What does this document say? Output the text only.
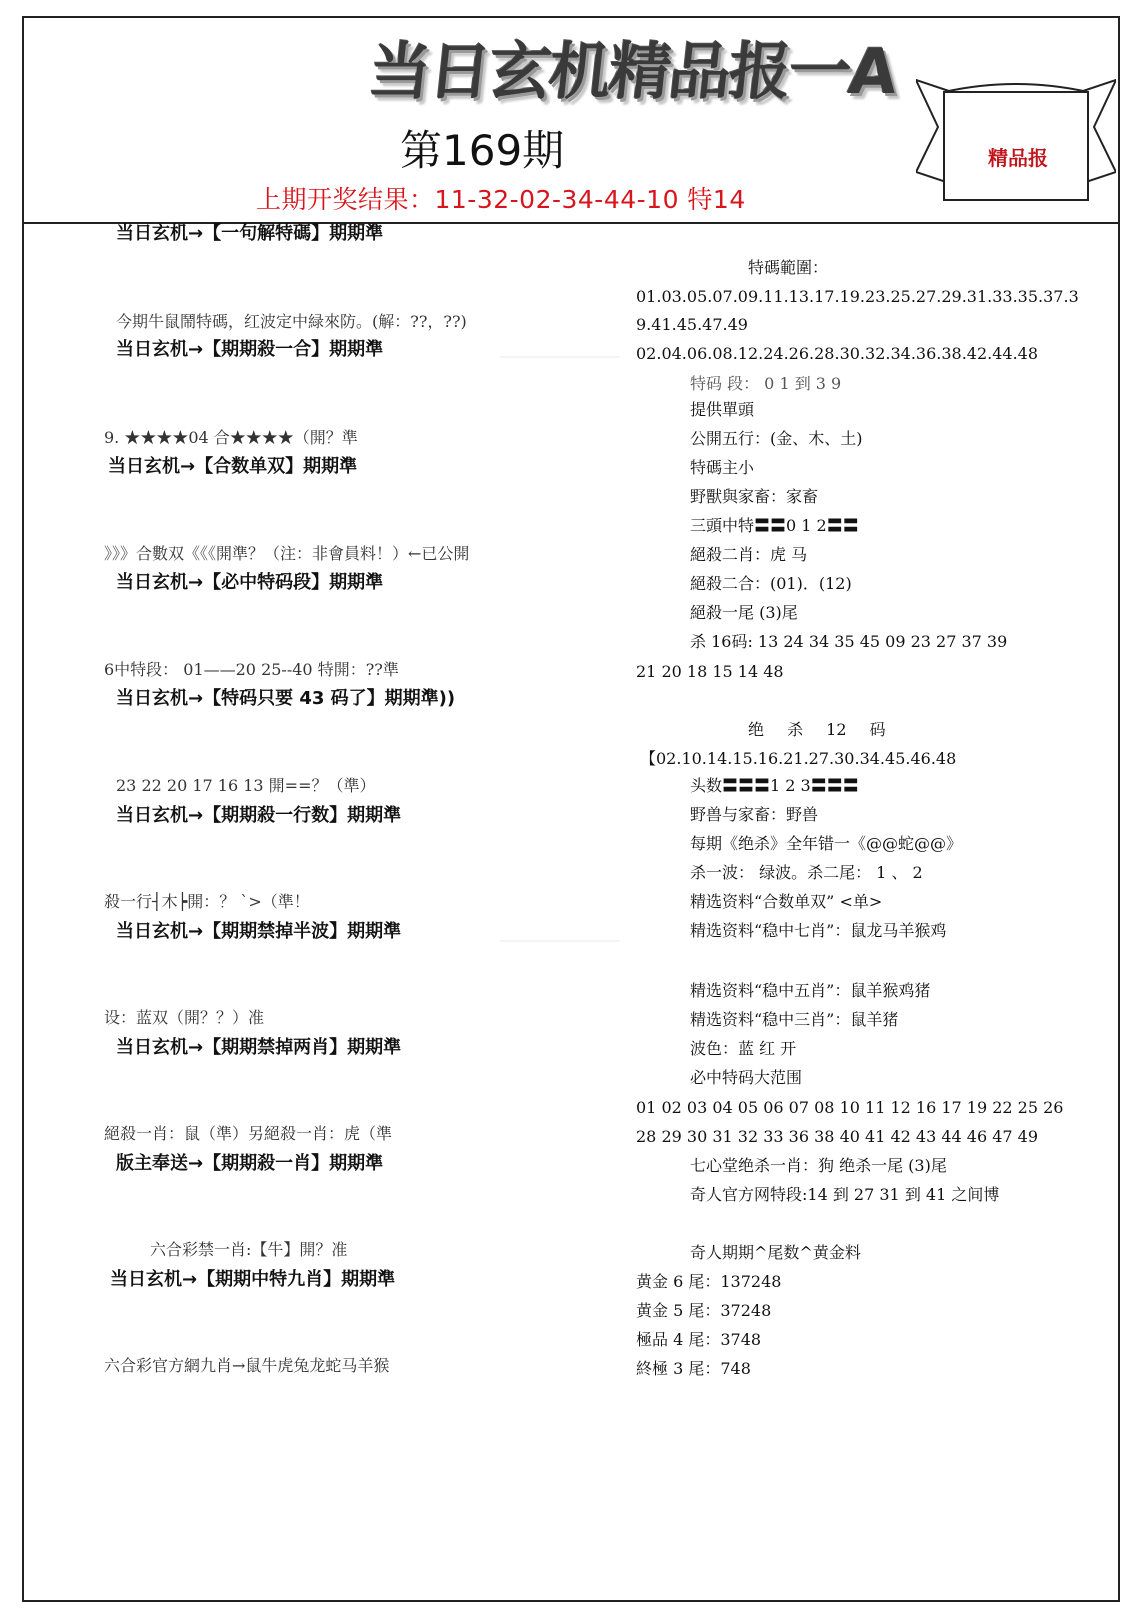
当日玄机精品报一A
第169期
上期开奖结果：11-32-02-34-44-10 特14
精品报
当日玄机→【一句解特碼】期期準
今期牛鼠鬧特碼，红波定中緑來防。(解：??，??)
当日玄机→【期期殺一合】期期準
9. ★★★★04 合★★★★（開？準
当日玄机→【合数单双】期期準
》》》合數双《《《開準？（注：非會員料！）←已公開
当日玄机→【必中特码段】期期準
6中特段： 01——20 25--40 特開：??準
当日玄机→【特码只要 43 码了】期期準))
23 22 20 17 16 13 開==？（準）
当日玄机→【期期殺一行数】期期準
殺一行┤木┝開：？ ˋ>（準！
当日玄机→【期期禁掉半波】期期準
设：蓝双（開？？）准
当日玄机→【期期禁掉两肖】期期準
絕殺一肖：鼠（準）另絕殺一肖：虎（準
版主奉送→【期期殺一肖】期期準
六合彩禁一肖:【牛】開？准
当日玄机→【期期中特九肖】期期準
六合彩官方網九肖→鼠牛虎兔龙蛇马羊猴
特碼範圍：
01.03.05.07.09.11.13.17.19.23.25.27.29.31.33.35.37.3
9.41.45.47.49
02.04.06.08.12.24.26.28.30.32.34.36.38.42.44.48
特码 段： 0 1 到 3 9
提供單頭
公開五行：(金、木、土)
特碼主小
野獸與家畜：家畜
三頭中特〓〓0 1 2〓〓
絕殺二肖：虎 马
絕殺二合：(01)．(12)
絕殺一尾 (3)尾
杀 16码: 13 24 34 35 45 09 23 27 37 39
21 20 18 15 14 48
绝 杀 12 码
【02.10.14.15.16.21.27.30.34.45.46.48
头数〓〓〓1 2 3〓〓〓
野兽与家畜：野兽
每期《绝杀》全年错一《@@蛇@@》
杀一波： 绿波。杀二尾： 1 、 2
精选资料“合数单双” <单>
精选资料“稳中七肖”：鼠龙马羊猴鸡
精选资料“稳中五肖”：鼠羊猴鸡猪
精选资料“稳中三肖”：鼠羊猪
波色：蓝 红 开
必中特码大范围
01 02 03 04 05 06 07 08 10 11 12 16 17 19 22 25 26
28 29 30 31 32 33 36 38 40 41 42 43 44 46 47 49
七心堂绝杀一肖：狗 绝杀一尾 (3)尾
奇人官方网特段:14 到 27 31 到 41 之间博
奇人期期^尾数^黄金料
黄金 6 尾：137248
黄金 5 尾：37248
極品 4 尾：3748
終極 3 尾：748
